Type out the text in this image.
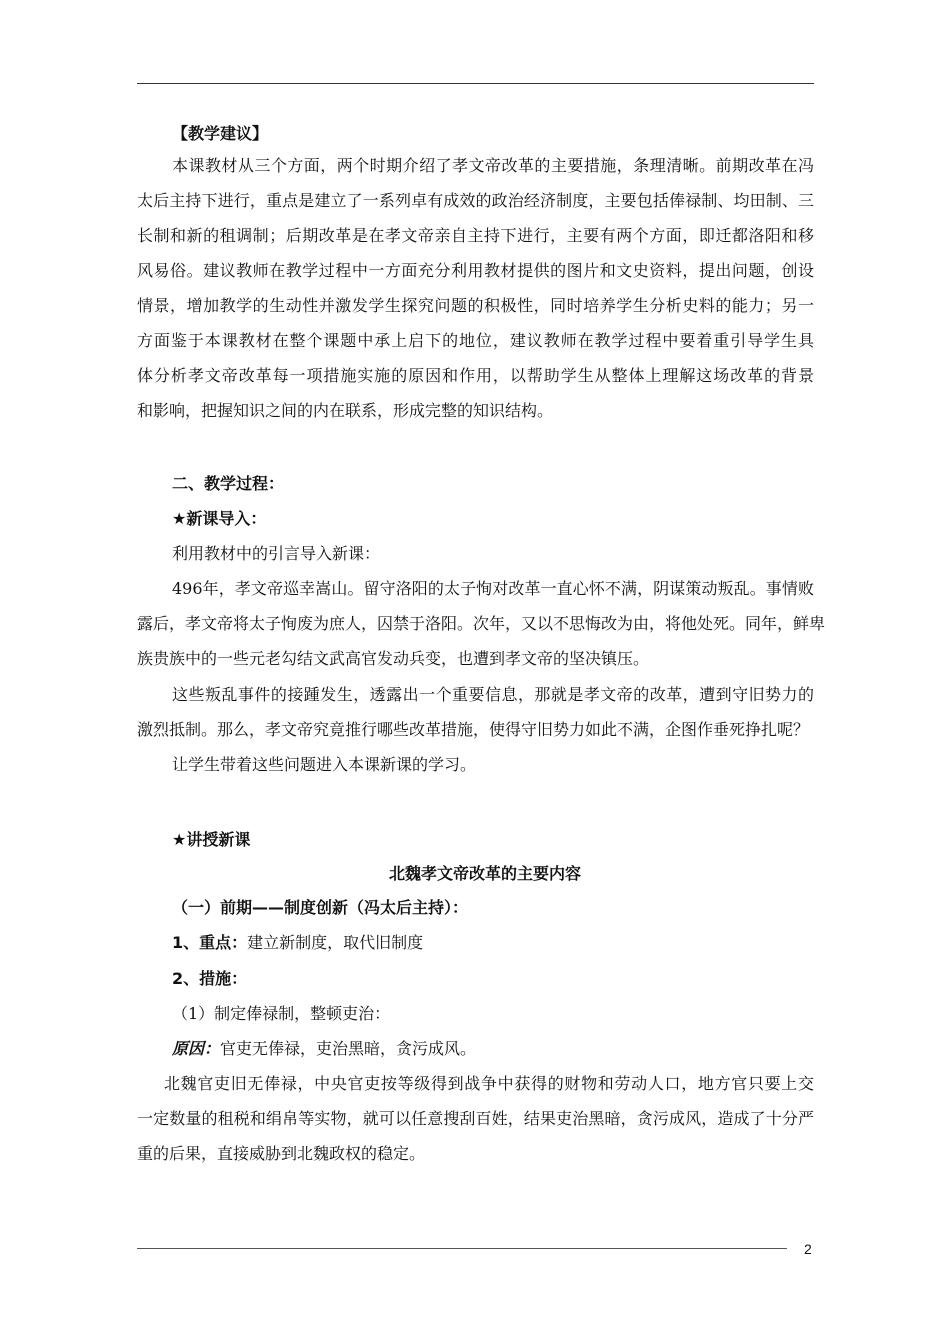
【教学建议】
本课教材从三个方面，两个时期介绍了孝文帝改革的主要措施，条理清晰。前期改革在冯
太后主持下进行，重点是建立了一系列卓有成效的政治经济制度，主要包括俸禄制、均田制、三
长制和新的租调制；后期改革是在孝文帝亲自主持下进行，主要有两个方面，即迁都洛阳和移
风易俗。建议教师在教学过程中一方面充分利用教材提供的图片和文史资料，提出问题，创设
情景，增加教学的生动性并激发学生探究问题的积极性，同时培养学生分析史料的能力；另一
方面鉴于本课教材在整个课题中承上启下的地位，建议教师在教学过程中要着重引导学生具
体分析孝文帝改革每一项措施实施的原因和作用，以帮助学生从整体上理解这场改革的背景
和影响，把握知识之间的内在联系，形成完整的知识结构。
二、教学过程：
★新课导入：
利用教材中的引言导入新课：
496年，孝文帝巡幸嵩山。留守洛阳的太子恂对改革一直心怀不满，阴谋策动叛乱。事情败
露后，孝文帝将太子恂废为庶人，囚禁于洛阳。次年，又以不思悔改为由，将他处死。同年，鲜卑
族贵族中的一些元老勾结文武高官发动兵变，也遭到孝文帝的坚决镇压。
这些叛乱事件的接踵发生，透露出一个重要信息，那就是孝文帝的改革，遭到守旧势力的
激烈抵制。那么，孝文帝究竟推行哪些改革措施，使得守旧势力如此不满，企图作垂死挣扎呢？
让学生带着这些问题进入本课新课的学习。
★讲授新课
北魏孝文帝改革的主要内容
（一）前期——制度创新（冯太后主持）：
1、重点：建立新制度，取代旧制度
2、措施：
（1）制定俸禄制，整顿吏治：
原因：官吏无俸禄，吏治黑暗，贪污成风。
北魏官吏旧无俸禄，中央官吏按等级得到战争中获得的财物和劳动人口，地方官只要上交
一定数量的租税和绢帛等实物，就可以任意搜刮百姓，结果吏治黑暗，贪污成风，造成了十分严
重的后果，直接威胁到北魏政权的稳定。
2
